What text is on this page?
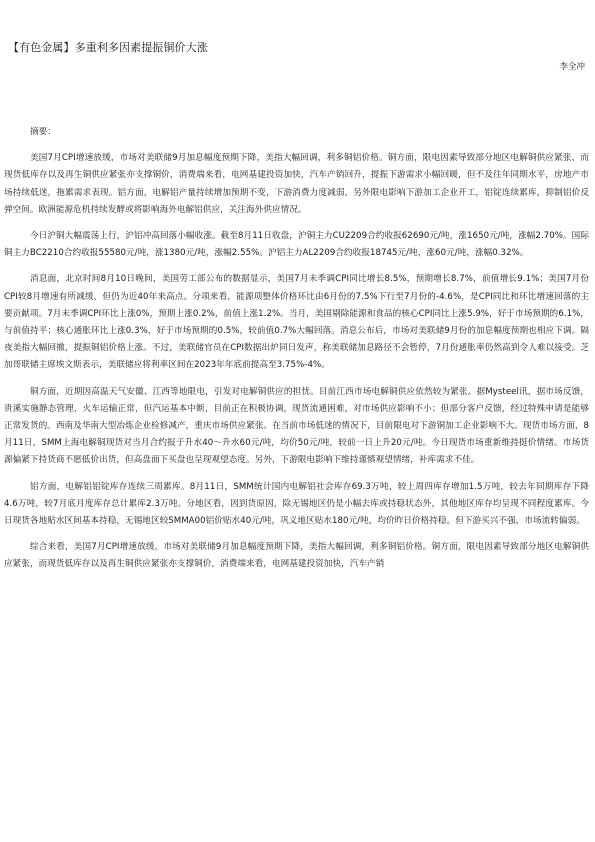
【有色金属】多重利多因素提振铜价大涨
李全冲
摘要：

美国7月CPI增速放缓，市场对美联储9月加息幅度预期下降，美指大幅回调，利多铜铝价格。铜方面，限电因素导致部分地区电解铜供应紧张，而现货低库存以及再生铜供应紧张亦支撑铜价，消费端来看，电网基建投资加快，汽车产销回升，提振下游需求小幅回暖，但不及往年同期水平，房地产市场持续低迷，拖累需求表现。铝方面，电解铝产量持续增加预期不变，下游消费力度减弱，另外限电影响下游加工企业开工，铝锭连续累库，抑制铝价反弹空间。欧洲能源危机持续发酵或将影响海外电解铝供应，关注海外供应情况。

今日沪铜大幅震荡上行，沪铝冲高回落小幅收涨。截至8月11日收盘，沪铜主力CU2209合约收报62690元/吨，涨1650元/吨，涨幅2.70%。国际铜主力BC2210合约收报55580元/吨，涨1380元/吨，涨幅2.55%。沪铝主力AL2209合约收报18745元/吨，涨60元/吨，涨幅0.32%。

消息面，北京时间8月10日晚间，美国劳工部公布的数据显示，美国7月未季调CPI同比增长8.5%，预期增长8.7%，前值增长9.1%；美国7月份CPI较8月增速有所减缓，但仍为近40年来高点。分项来看，能源项整体价格环比由6月份的7.5%下行至7月份的-4.6%，是CPI同比和环比增速回落的主要贡献项。7月未季调CPI环比上涨0%，预期上涨0.2%，前值上涨1.2%。当月，美国剔除能源和食品的核心CPI同比上涨5.9%，好于市场预期的6.1%，与前值持平；核心通胀环比上涨0.3%，好于市场预期的0.5%，较前值0.7%大幅回落。消息公布后，市场对美联储9月份的加息幅度预期也相应下调。隔夜美指大幅回撤，提振铜铝价格上涨。不过，美联储官员在CPI数据出炉同日发声，称美联储加息路径不会暂停，7月份通胀率仍然高到令人难以接受。芝加哥联储主席埃文斯表示，美联储应将利率区间在2023年年底前提高至3.75%-4%。

铜方面，近期因高温天气安徽、江西等地限电，引发对电解铜供应的担忧。目前江西市场电解铜供应依然较为紧张。据Mysteel讯，据市场反馈，贵溪实施静态管理，火车运输正常，但汽运基本中断，目前正在积极协调，现货流通困难，对市场供应影响不小；但部分客户反馈，经过特殊申请是能够正常发货的。西南及华南大型冶炼企业检修减产，重庆市场供应紧张。在当前市场低迷的情况下，目前限电对下游铜加工企业影响不大。现货市场方面，8月11日，SMM上海电解铜现货对当月合约报于升水40～升水60元/吨，均价50元/吨，较前一日上升20元/吨。今日现货市场重新维持挺价情绪。市场货源偏紧下持货商不愿低价出货，但高盘面下买盘也呈现观望态度。另外，下游限电影响下维持谨慎观望情绪，补库需求不佳。

铝方面，电解铝铝锭库存连续三周累库。8月11日，SMM统计国内电解铝社会库存69.3万吨，较上周四库存增加1.5万吨，较去年同期库存下降4.6万吨，较7月底月度库存总计累库2.3万吨。分地区看，因到货原因，除无锡地区仍是小幅去库或持稳状态外，其他地区库存均呈现不同程度累库。今日现货各地贴水区间基本持稳，无锡地区较SMMA00铝价贴水40元/吨，巩义地区贴水180元/吨，均价昨日价格持稳。但下游买兴不强，市场流转偏弱。

综合来看，美国7月CPI增速放缓，市场对美联储9月加息幅度预期下降，美指大幅回调，利多铜铝价格。铜方面，限电因素导致部分地区电解铜供应紧张，而现货低库存以及再生铜供应紧张亦支撑铜价，消费端来看，电网基建投资加快，汽车产销
